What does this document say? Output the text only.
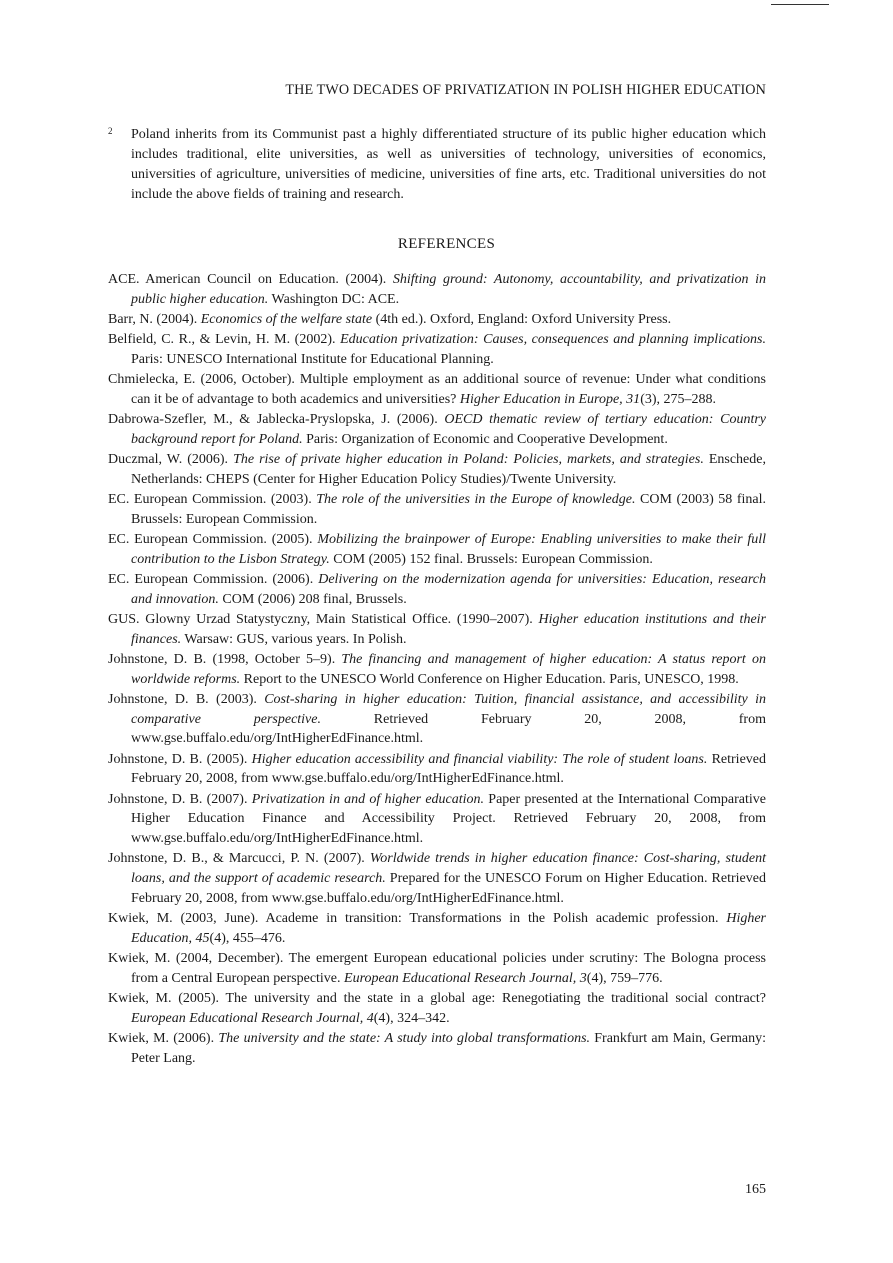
THE TWO DECADES OF PRIVATIZATION IN POLISH HIGHER EDUCATION
2	Poland inherits from its Communist past a highly differentiated structure of its public higher education which includes traditional, elite universities, as well as universities of technology, universities of economics, universities of agriculture, universities of medicine, universities of fine arts, etc. Traditional universities do not include the above fields of training and research.
REFERENCES

ACE. American Council on Education. (2004). Shifting ground: Autonomy, accountability, and privatization in public higher education. Washington DC: ACE.

Barr, N. (2004). Economics of the welfare state (4th ed.). Oxford, England: Oxford University Press.

Belfield, C. R., & Levin, H. M. (2002). Education privatization: Causes, consequences and planning implications. Paris: UNESCO International Institute for Educational Planning.

Chmielecka, E. (2006, October). Multiple employment as an additional source of revenue: Under what conditions can it be of advantage to both academics and universities? Higher Education in Europe, 31(3), 275–288.

Dabrowa-Szefler, M., & Jablecka-Pryslopska, J. (2006). OECD thematic review of tertiary education: Country background report for Poland. Paris: Organization of Economic and Cooperative Development.

Duczmal, W. (2006). The rise of private higher education in Poland: Policies, markets, and strategies. Enschede, Netherlands: CHEPS (Center for Higher Education Policy Studies)/Twente University.

EC. European Commission. (2003). The role of the universities in the Europe of knowledge. COM (2003) 58 final. Brussels: European Commission.

EC. European Commission. (2005). Mobilizing the brainpower of Europe: Enabling universities to make their full contribution to the Lisbon Strategy. COM (2005) 152 final. Brussels: European Commission.

EC. European Commission. (2006). Delivering on the modernization agenda for universities: Education, research and innovation. COM (2006) 208 final, Brussels.

GUS. Glowny Urzad Statystyczny, Main Statistical Office. (1990–2007). Higher education institutions and their finances. Warsaw: GUS, various years. In Polish.

Johnstone, D. B. (1998, October 5–9). The financing and management of higher education: A status report on worldwide reforms. Report to the UNESCO World Conference on Higher Education. Paris, UNESCO, 1998.

Johnstone, D. B. (2003). Cost-sharing in higher education: Tuition, financial assistance, and accessibility in comparative perspective. Retrieved February 20, 2008, from www.gse.buffalo.edu/org/IntHigherEdFinance.html.

Johnstone, D. B. (2005). Higher education accessibility and financial viability: The role of student loans. Retrieved February 20, 2008, from www.gse.buffalo.edu/org/IntHigherEdFinance.html.

Johnstone, D. B. (2007). Privatization in and of higher education. Paper presented at the International Comparative Higher Education Finance and Accessibility Project. Retrieved February 20, 2008, from www.gse.buffalo.edu/org/IntHigherEdFinance.html.

Johnstone, D. B., & Marcucci, P. N. (2007). Worldwide trends in higher education finance: Cost-sharing, student loans, and the support of academic research. Prepared for the UNESCO Forum on Higher Education. Retrieved February 20, 2008, from www.gse.buffalo.edu/org/IntHigherEdFinance.html.

Kwiek, M. (2003, June). Academe in transition: Transformations in the Polish academic profession. Higher Education, 45(4), 455–476.

Kwiek, M. (2004, December). The emergent European educational policies under scrutiny: The Bologna process from a Central European perspective. European Educational Research Journal, 3(4), 759–776.

Kwiek, M. (2005). The university and the state in a global age: Renegotiating the traditional social contract? European Educational Research Journal, 4(4), 324–342.

Kwiek, M. (2006). The university and the state: A study into global transformations. Frankfurt am Main, Germany: Peter Lang.

165
